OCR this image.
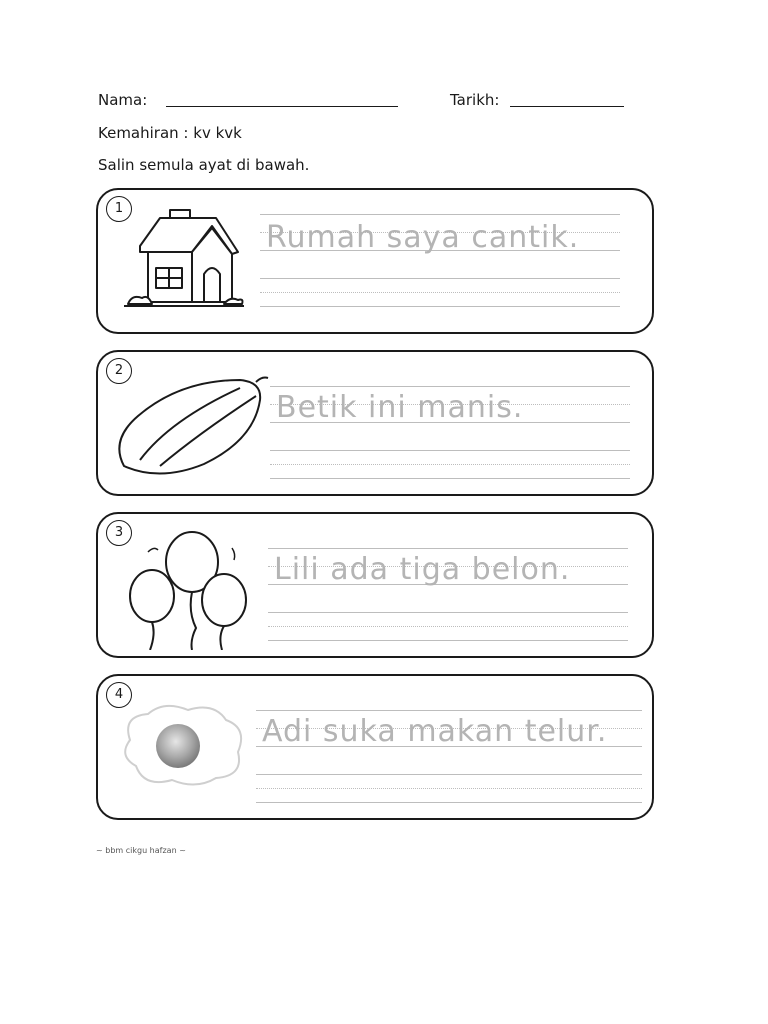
Nama:	Tarikh:
Kemahiran : kv kvk
Salin semula ayat di bawah.
1
Rumah saya cantik.
2
Betik ini manis.
3
Lili ada tiga belon.
4
Adi suka makan telur.
~ bbm cikgu hafzan ~
